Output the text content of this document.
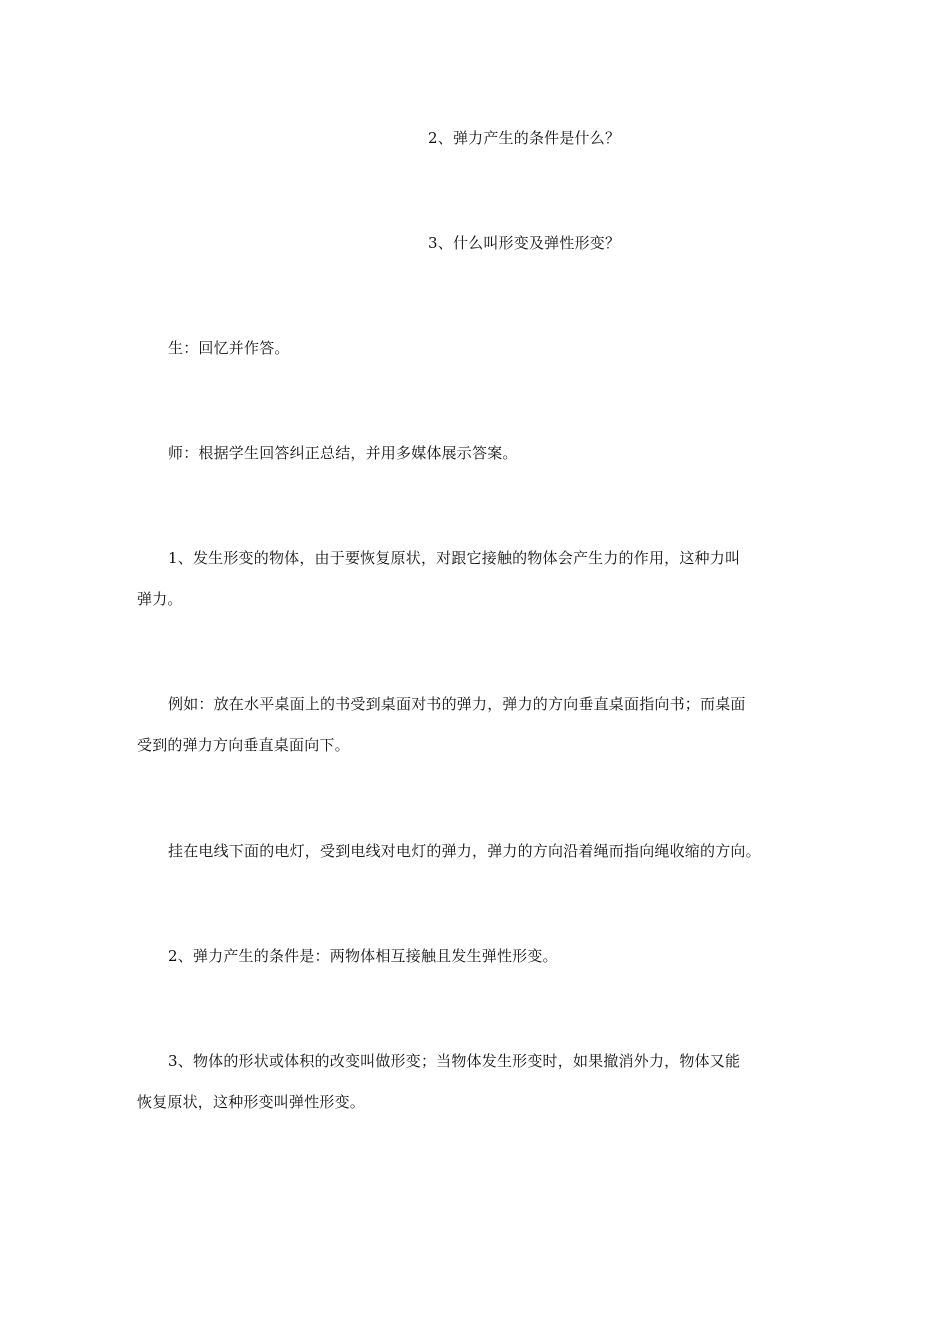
2、弹力产生的条件是什么？
3、什么叫形变及弹性形变？
生：回忆并作答。
师：根据学生回答纠正总结，并用多媒体展示答案。
1、发生形变的物体，由于要恢复原状，对跟它接触的物体会产生力的作用，这种力叫
弹力。
例如：放在水平桌面上的书受到桌面对书的弹力，弹力的方向垂直桌面指向书；而桌面
受到的弹力方向垂直桌面向下。
挂在电线下面的电灯，受到电线对电灯的弹力，弹力的方向沿着绳而指向绳收缩的方向。
2、弹力产生的条件是：两物体相互接触且发生弹性形变。
3、物体的形状或体积的改变叫做形变；当物体发生形变时，如果撤消外力，物体又能
恢复原状，这种形变叫弹性形变。
